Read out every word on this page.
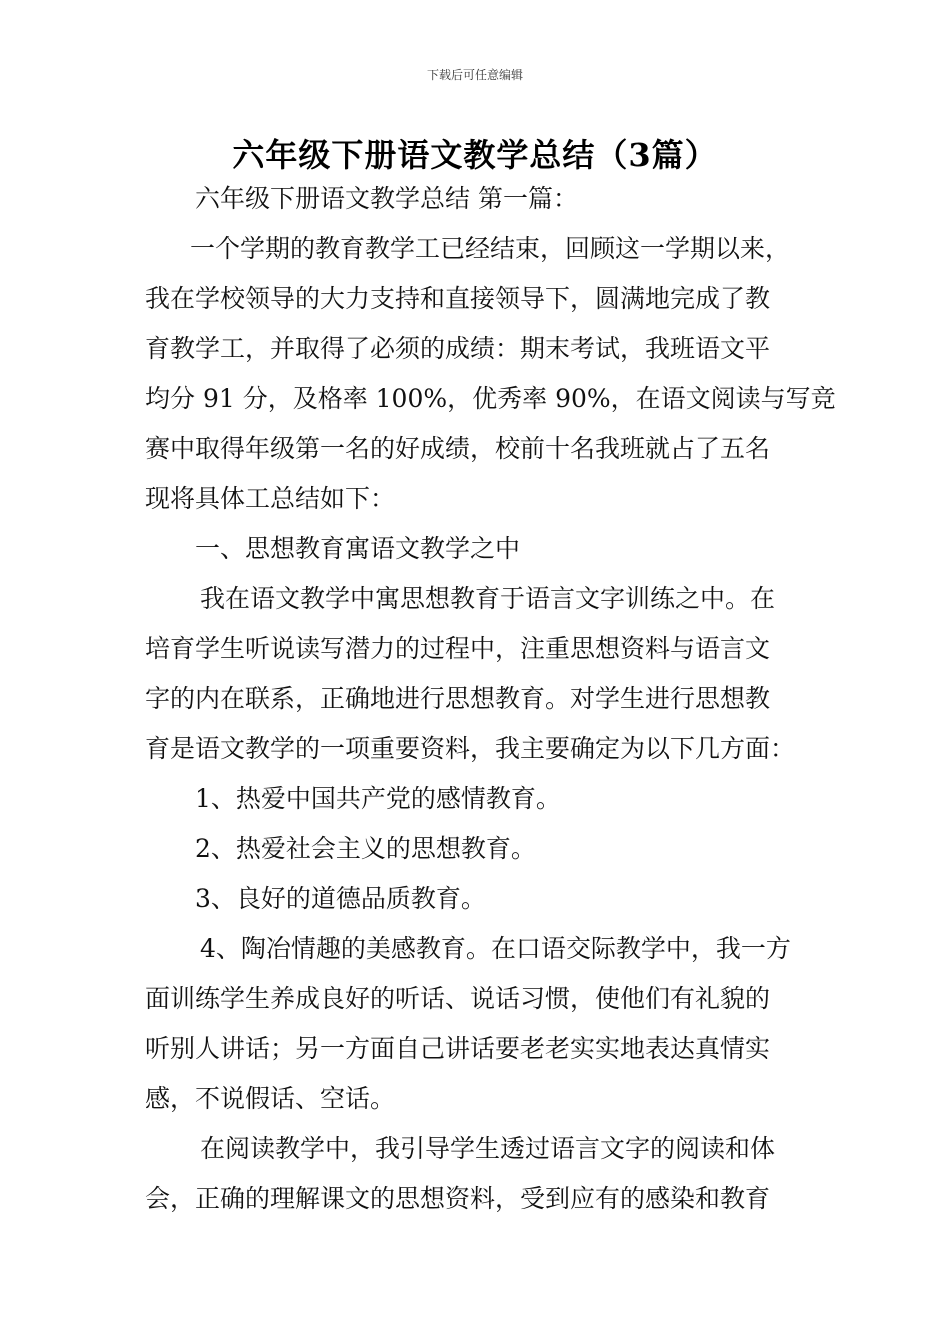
下载后可任意编辑
六年级下册语文教学总结（3篇）
六年级下册语文教学总结 第一篇：
一个学期的教育教学工已经结束，回顾这一学期以来，
我在学校领导的大力支持和直接领导下，圆满地完成了教
育教学工，并取得了必须的成绩：期末考试，我班语文平
均分 91 分，及格率 100%，优秀率 90%，在语文阅读与写竞
赛中取得年级第一名的好成绩，校前十名我班就占了五名
现将具体工总结如下：
一、思想教育寓语文教学之中
我在语文教学中寓思想教育于语言文字训练之中。在
培育学生听说读写潜力的过程中，注重思想资料与语言文
字的内在联系，正确地进行思想教育。对学生进行思想教
育是语文教学的一项重要资料，我主要确定为以下几方面：
1、热爱中国共产党的感情教育。
2、热爱社会主义的思想教育。
3、良好的道德品质教育。
4、陶冶情趣的美感教育。在口语交际教学中，我一方
面训练学生养成良好的听话、说话习惯，使他们有礼貌的
听别人讲话；另一方面自己讲话要老老实实地表达真情实
感，不说假话、空话。
在阅读教学中，我引导学生透过语言文字的阅读和体
会，正确的理解课文的思想资料，受到应有的感染和教育
